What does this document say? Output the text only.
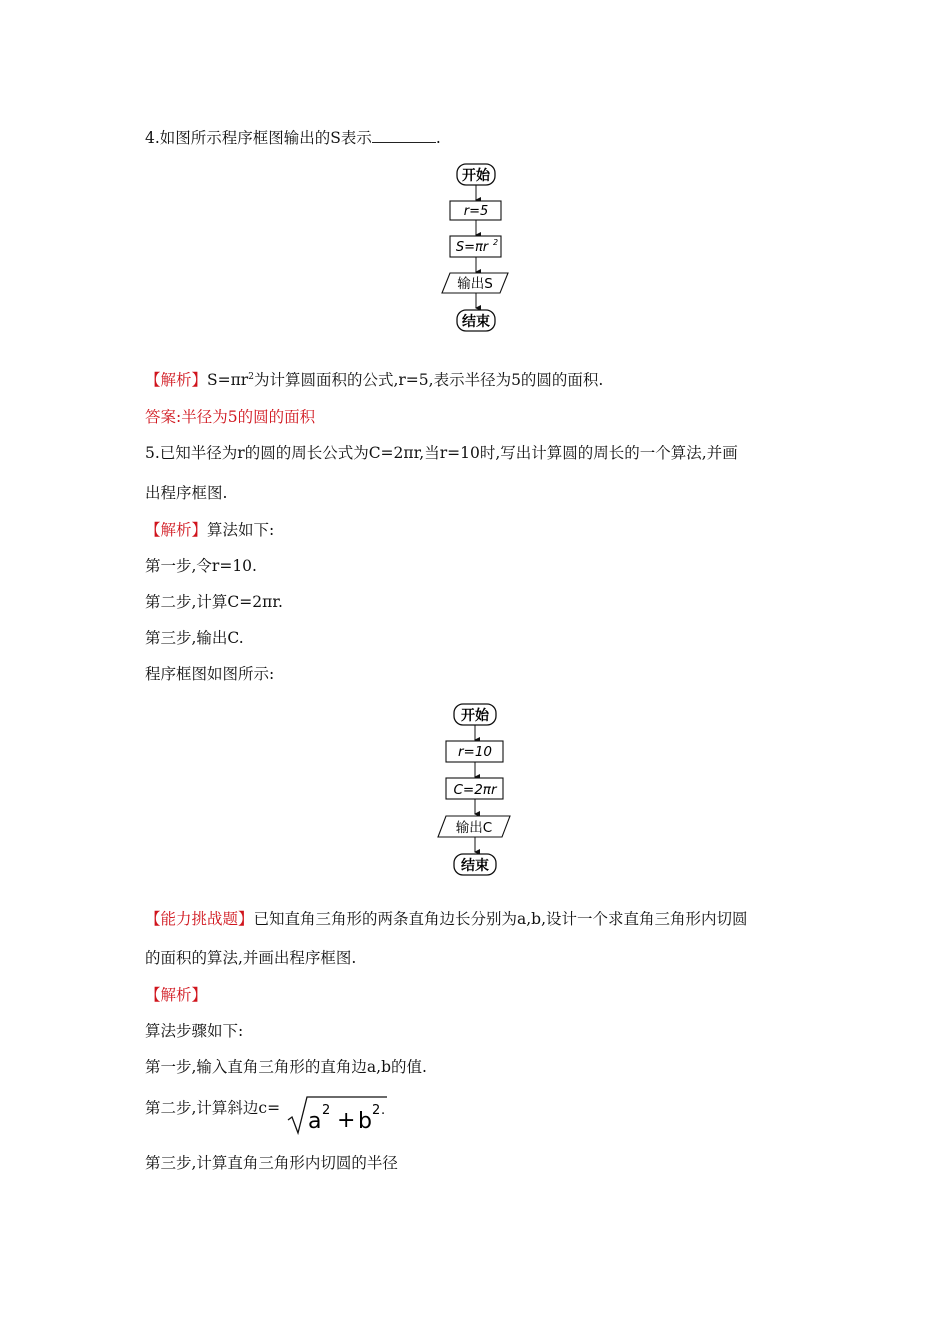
4.如图所示程序框图输出的S表示	.
开始
r=5
S=πr 2
输出S
结束
【解析】$S=\pi r^2$为计算圆面积的公式,r=5,表示半径为5的圆的面积.
答案:半径为5的圆的面积
5.已知半径为r的圆的周长公式为C=2πr,当r=10时,写出计算圆的周长的一个算法,并画
出程序框图.
【解析】算法如下:
第一步,令r=10.
第二步,计算C=2πr.
第三步,输出C.
程序框图如图所示:
开始
r=10
C=2πr
输出C
结束
【能力挑战题】已知直角三角形的两条直角边长分别为a,b,设计一个求直角三角形内切圆
的面积的算法,并画出程序框图.
【解析】
算法步骤如下:
第一步,输入直角三角形的直角边a,b的值.
第二步,计算斜边c=
a 2 + b 2 .
第三步,计算直角三角形内切圆的半径
